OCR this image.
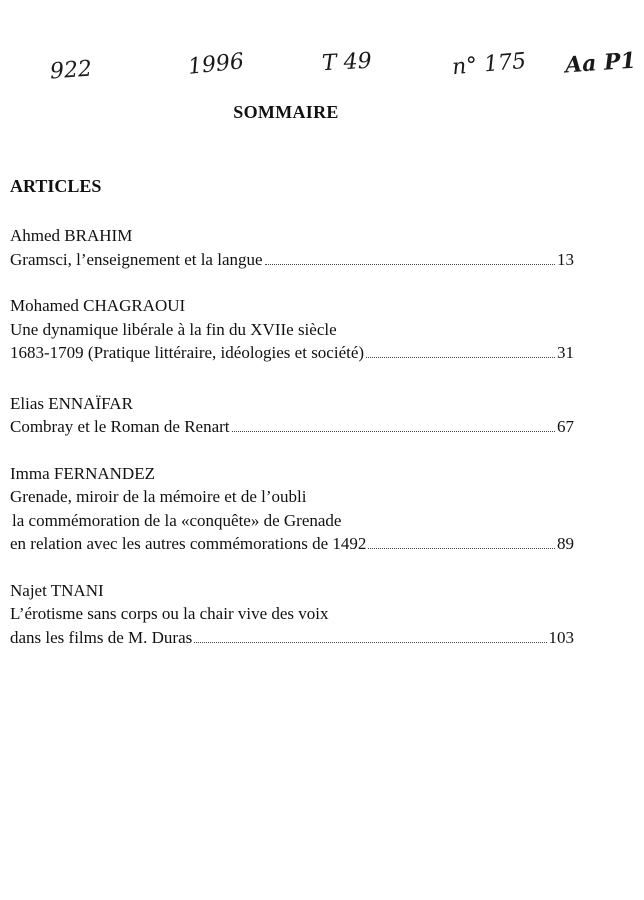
922	1996	T 49	n° 175 Aa P1
SOMMAIRE
ARTICLES
Ahmed BRAHIM
Gramsci, l’enseignement et la langue	13
Mohamed CHAGRAOUI
Une dynamique libérale à la fin du XVIIe siècle
1683-1709 (Pratique littéraire, idéologies et société)	31
Elias ENNAÏFAR
Combray et le Roman de Renart	67
Imma FERNANDEZ
Grenade, miroir de la mémoire et de l’oubli
la commémoration de la «conquête» de Grenade
en relation avec les autres commémorations de 1492	89
Najet TNANI
L’érotisme sans corps ou la chair vive des voix
dans les films de M. Duras	103
